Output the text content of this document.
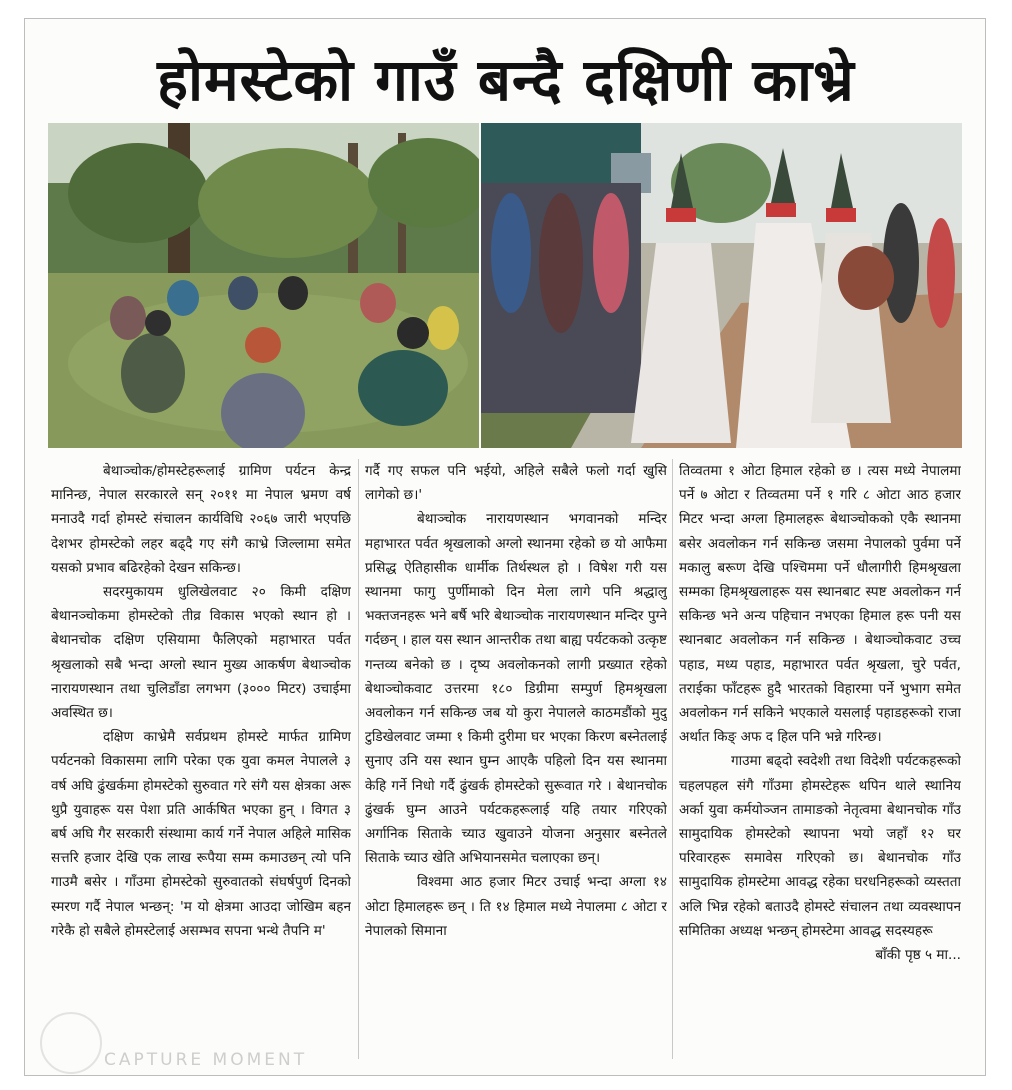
होमस्टेको गाउँ बन्दै दक्षिणी काभ्रे

बेथाञ्चोक/होमस्टेहरूलाई ग्रामिण पर्यटन केन्द्र मानिन्छ, नेपाल सरकारले सन् २०११ मा नेपाल भ्रमण वर्ष मनाउदै गर्दा होमस्टे संचालन कार्यविधि २०६७ जारी भएपछि देशभर होमस्टेको लहर बढ्दै गए संगै काभ्रे जिल्लामा समेत यसको प्रभाव बढिरहेको देखन सकिन्छ।

सदरमुकायम धुलिखेलवाट २० किमी दक्षिण बेथानञ्चोकमा होमस्टेको तीव्र विकास भएको स्थान हो । बेथानचोक दक्षिण एसियामा फैलिएको महाभारत पर्वत श्रृखलाको सबै भन्दा अग्लो स्थान मुख्य आकर्षण बेथाञ्चोक नारायणस्थान तथा चुलिडाँडा लगभग (३००० मिटर) उचाईमा अवस्थित छ।

दक्षिण काभ्रेमै सर्वप्रथम होमस्टे मार्फत ग्रामिण पर्यटनको विकासमा लागि परेका एक युवा कमल नेपालले ३ वर्ष अघि ढुंखर्कमा होमस्टेको सुरुवात गरे संगै यस क्षेत्रका अरू थुप्रै युवाहरू यस पेशा प्रति आर्कषित भएका हुन् । विगत ३ बर्ष अघि गैर सरकारी संस्थामा कार्य गर्ने नेपाल अहिले मासिक सत्तरि हजार देखि एक लाख रूपैया सम्म कमाउछन् त्यो पनि गाउमै बसेर । गाँउमा होमस्टेको सुरुवातको संघर्षपुर्ण दिनको स्मरण गर्दै नेपाल भन्छन्: 'म यो क्षेत्रमा आउदा जोखिम बहन गरेकै हो सबैले होमस्टेलाई असम्भव सपना भन्थे तैपनि म'

गर्दै गए सफल पनि भईयो, अहिले सबैले फलो गर्दा खुसि लागेको छ।'

बेथाञ्चोक नारायणस्थान भगवानको मन्दिर महाभारत पर्वत श्रृखलाको अग्लो स्थानमा रहेको छ यो आफैमा प्रसिद्ध ऐतिहासीक धार्मीक तिर्थस्थल हो । विषेश गरी यस स्थानमा फागु पुर्णीमाको दिन मेला लागे पनि श्रद्धालु भक्तजनहरू भने बर्षै भरि बेथाञ्चोक नारायणस्थान मन्दिर पुग्ने गर्दछन् । हाल यस स्थान आन्तरीक तथा बाह्य पर्यटकको उत्कृष्ट गन्तव्य बनेको छ । दृष्य अवलोकनको लागी प्रख्यात रहेको बेथाञ्चोकवाट उत्तरमा १८० डिग्रीमा सम्पुर्ण हिमश्रृखला अवलोकन गर्न सकिन्छ जब यो कुरा नेपालले काठमडौंको मुदु टुडिखेलवाट जम्मा १ किमी दुरीमा घर भएका किरण बस्नेतलाई सुनाए उनि यस स्थान घुम्न आएकै पहिलो दिन यस स्थानमा केहि गर्ने निधो गर्दै ढुंखर्क होमस्टेको सुरूवात गरे । बेथानचोक ढुंखर्क घुम्न आउने पर्यटकहरूलाई यहि तयार गरिएको अर्गानिक सिताके च्याउ खुवाउने योजना अनुसार बस्नेतले सिताके च्याउ खेति अभियानसमेत चलाएका छन्।

विश्वमा आठ हजार मिटर उचाई भन्दा अग्ला १४ ओटा हिमालहरू छन् । ति १४ हिमाल मध्ये नेपालमा ८ ओटा र नेपालको सिमाना

तिव्वतमा १ ओटा हिमाल रहेको छ । त्यस मध्ये नेपालमा पर्ने ७ ओटा र तिव्वतमा पर्ने १ गरि ८ ओटा आठ हजार मिटर भन्दा अग्ला हिमालहरू बेथाञ्चोकको एकै स्थानमा बसेर अवलोकन गर्न सकिन्छ जसमा नेपालको पुर्वमा पर्ने मकालु बरूण देखि पश्चिममा पर्ने धौलागीरी हिमश्रृखला सम्मका हिमश्रृखलाहरू यस स्थानबाट स्पष्ट अवलोकन गर्न सकिन्छ भने अन्य पहिचान नभएका हिमाल हरू पनी यस स्थानबाट अवलोकन गर्न सकिन्छ । बेथाञ्चोकवाट उच्च पहाड, मध्य पहाड, महाभारत पर्वत श्रृखला, चुरे पर्वत, तराईका फाँटहरू हुदै भारतको विहारमा पर्ने भुभाग समेत अवलोकन गर्न सकिने भएकाले यसलाई पहाडहरूको राजा अर्थात किङ् अफ द हिल पनि भन्ने गरिन्छ।

गाउमा बढ्दो स्वदेशी तथा विदेशी पर्यटकहरूको चहलपहल संगै गाँउमा होमस्टेहरू थपिन थाले स्थानिय अर्का युवा कर्मयोञ्जन तामाङको नेतृत्वमा बेथानचोक गाँउ सामुदायिक होमस्टेको स्थापना भयो जहाँ १२ घर परिवारहरू समावेस गरिएको छ। बेथानचोक गाँउ सामुदायिक होमस्टेमा आवद्ध रहेका घरधनिहरूको व्यस्तता अलि भिन्न रहेको बताउदै होमस्टे संचालन तथा व्यवस्थापन समितिका अध्यक्ष भन्छन् होमस्टेमा आवद्ध सदस्यहरू

बाँकी पृष्ठ ५ मा...

CAPTURE MOMENT
